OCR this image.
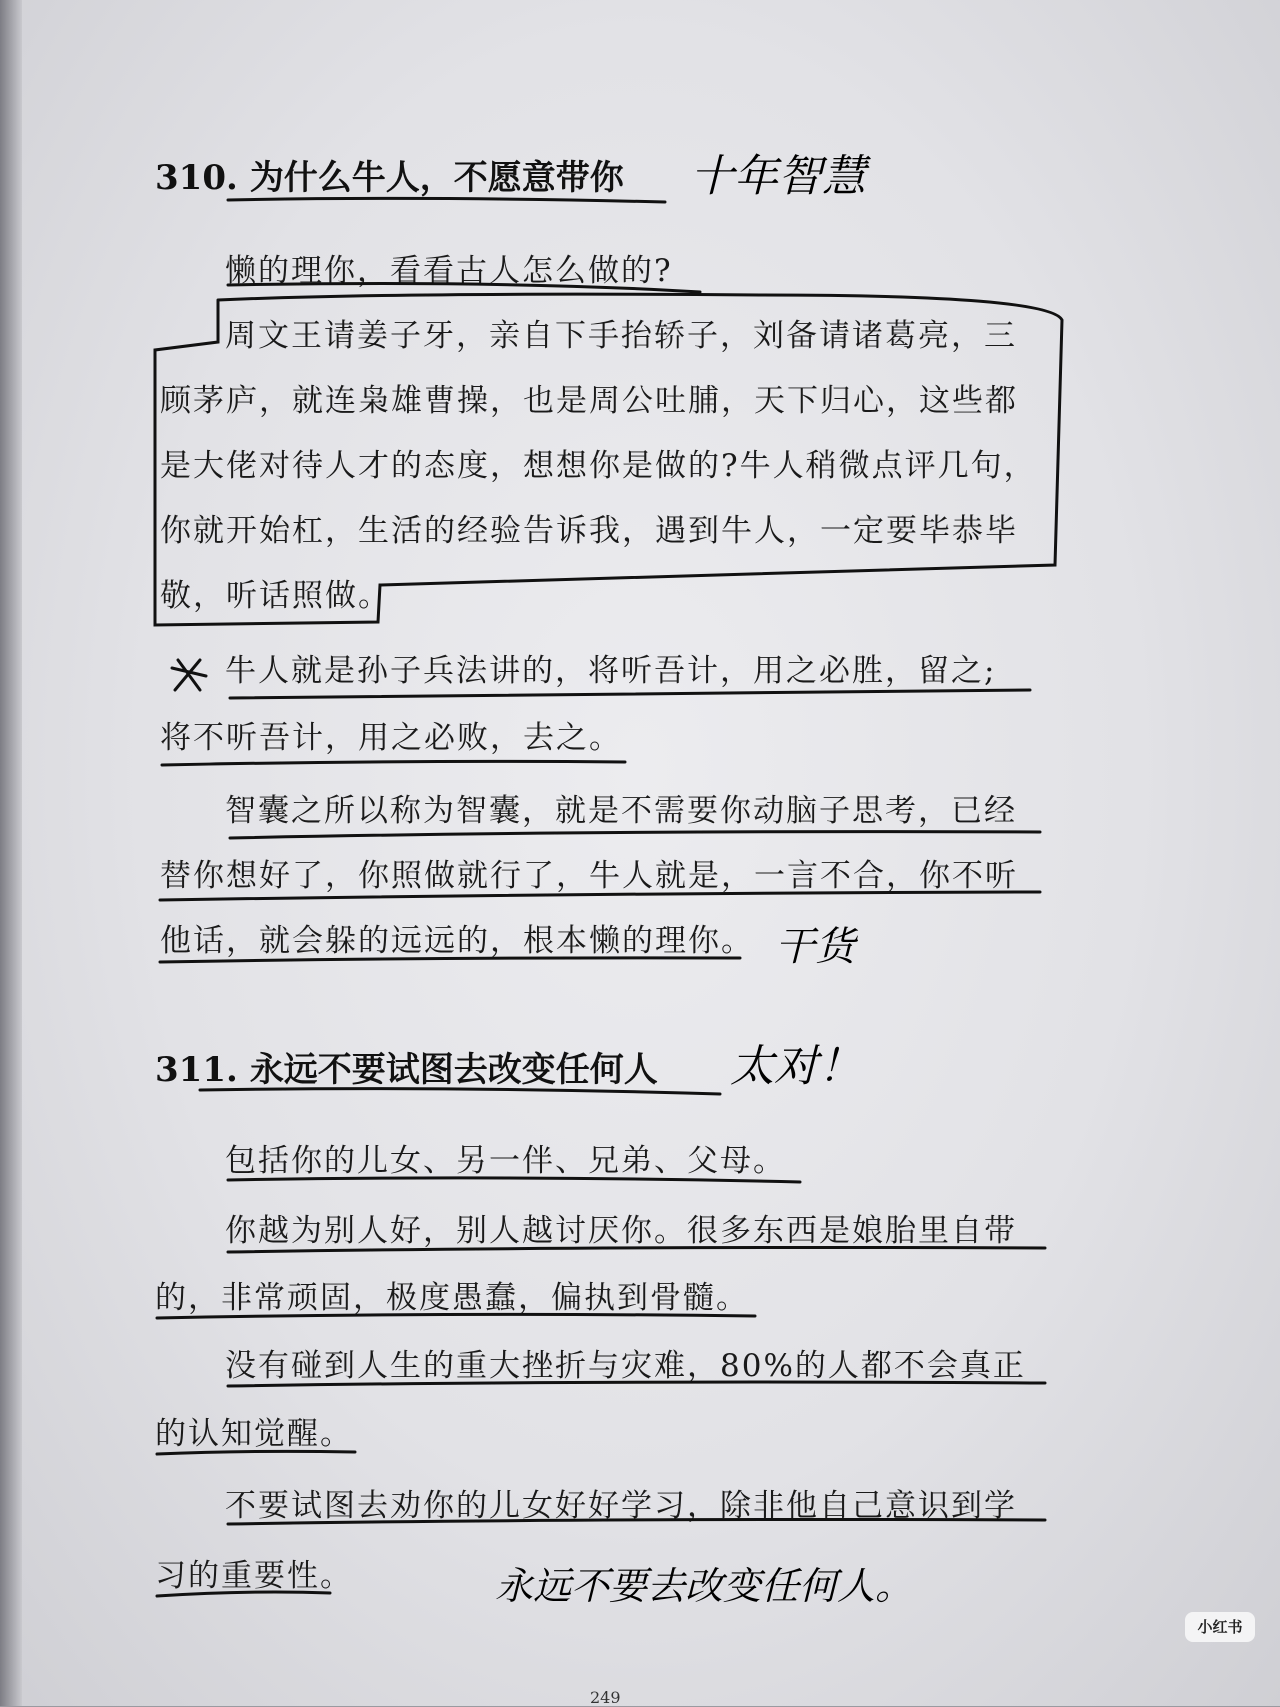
310. 为什么牛人，不愿意带你 十年智慧
懒的理你，看看古人怎么做的?
周文王请姜子牙，亲自下手抬轿子，刘备请诸葛亮，三
顾茅庐，就连枭雄曹操，也是周公吐脯，天下归心，这些都
是大佬对待人才的态度，想想你是做的?牛人稍微点评几句，
你就开始杠，生活的经验告诉我，遇到牛人，一定要毕恭毕
敬，听话照做。
牛人就是孙子兵法讲的，将听吾计，用之必胜，留之;
将不听吾计，用之必败，去之。
智囊之所以称为智囊，就是不需要你动脑子思考，已经
替你想好了，你照做就行了，牛人就是，一言不合，你不听
他话，就会躲的远远的，根本懒的理你。 干货
311. 永远不要试图去改变任何人 太对！
包括你的儿女、另一伴、兄弟、父母。
你越为别人好，别人越讨厌你。很多东西是娘胎里自带
的，非常顽固，极度愚蠢，偏执到骨髓。
没有碰到人生的重大挫折与灾难，80%的人都不会真正
的认知觉醒。
不要试图去劝你的儿女好好学习，除非他自己意识到学
习的重要性。	永远不要去改变任何人。
249
小红书
